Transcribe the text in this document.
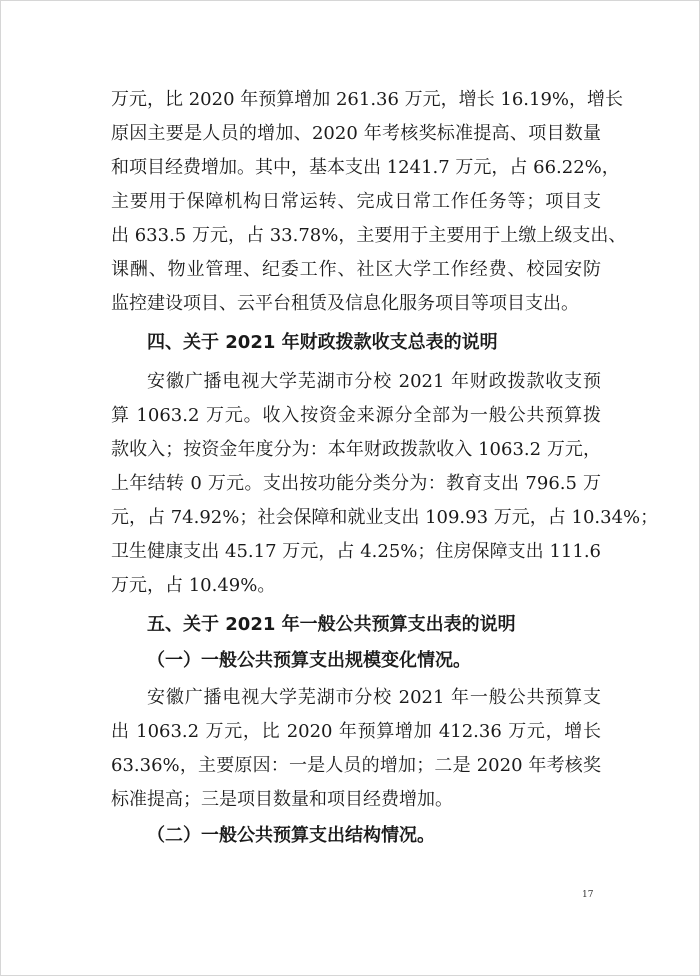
万元，比 2020 年预算增加 261.36 万元，增长 16.19%，增长
原因主要是人员的增加、2020 年考核奖标准提高、项目数量
和项目经费增加。其中，基本支出 1241.7 万元，占 66.22%，
主要用于保障机构日常运转、完成日常工作任务等；项目支
出 633.5 万元，占 33.78%，主要用于主要用于上缴上级支出、
课酬、物业管理、纪委工作、社区大学工作经费、校园安防
监控建设项目、云平台租赁及信息化服务项目等项目支出。
四、关于 2021 年财政拨款收支总表的说明
安徽广播电视大学芜湖市分校 2021 年财政拨款收支预
算 1063.2 万元。收入按资金来源分全部为一般公共预算拨
款收入；按资金年度分为：本年财政拨款收入 1063.2 万元，
上年结转 0 万元。支出按功能分类分为：教育支出 796.5 万
元，占 74.92%；社会保障和就业支出 109.93 万元，占 10.34%；
卫生健康支出 45.17 万元，占 4.25%；住房保障支出 111.6
万元，占 10.49%。
五、关于 2021 年一般公共预算支出表的说明
（一）一般公共预算支出规模变化情况。
安徽广播电视大学芜湖市分校 2021 年一般公共预算支
出 1063.2 万元，比 2020 年预算增加 412.36 万元，增长
63.36%，主要原因：一是人员的增加；二是 2020 年考核奖
标准提高；三是项目数量和项目经费增加。
（二）一般公共预算支出结构情况。
17
